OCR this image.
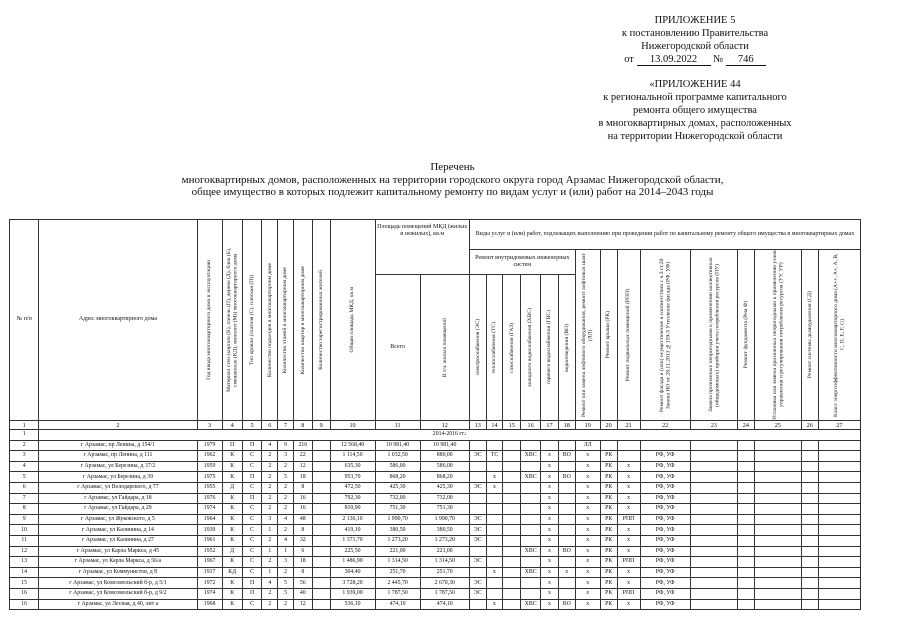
ПРИЛОЖЕНИЕ 5
к постановлению Правительства
Нижегородской области
от 13.09.2022 № 746
«ПРИЛОЖЕНИЕ 44
к региональной программе капитального
ремонта общего имущества
в многоквартирных домах, расположенных
на территории Нижегородской области
Перечень
многоквартирных домов, расположенных на территории городского округа город Арзамас Нижегородской области,
общее имущество в которых подлежит капитальному ремонту по видам услуг и (или) работ на 2014–2043 годы
№ п/п	Адрес многоквартирного дома	Год ввода многоквартирного дома в эксплуатацию	Материал стен (кирпич (К), панель (П), дерево (Д), блок (Б), смешанные (КД), монолит (М)) многоквартирного дома	Тип кровли (скатная (С), плоская (П))	Количество подъездов в многоквартирном доме	Количество этажей в многоквартирном доме	Количество квартир в многоквартирном доме	Количество зарегистрированных жителей	Общая площадь МКД, кв.м	Площадь помещений МКД (жилых и нежилых), кв.м		Виды услуг и (или) работ, подлежащих выполнению при проведении работ по капитальному ремонту общего имущества в многоквартирных домах														
												Ремонт внутридомовых инженерных систем						Ремонт или замена лифтового оборудования, ремонт лифтовых шахт (ЛЛ)	Ремонт крыши (РК)	Ремонт подвальных помещений (РПП)	Ремонт фасада и (или) осуществление в соответствии с ч.3 ст.20 Закона НО от 28.11.2013 №159-З Утепление фасада (РФ, УФ)	Замена признанных непригодными к применению коллективных (общедомовых) приборов учета потребления ресурсов (ПУ)	Ремонт фундамента (Рем Ф)	Установка или замена признанных непригодными к применению узлов управления и регулирования потребления ресурсов (УУ, УР)	Ремонт системы дымоудаления (СД)	Класс энергоэффективности многоквартирного дома (A++, A+, A, B, C, D, E, F, G)

										Всего	В т.ч. жилых помещений	электроснабжения (ЭС)	теплоснабжения (ТС)	газоснабжения (ГАЗ)	холодного водоснабжения (ХВС)	горячего водоснабжения (ГВС)	водоотведения (ВО)									

1	2	3	4	5	6	7	8	9	10	11	12	13	14	15	16	17	18	19	20	21	22	23	24	25	26	27
1	2014-2016 гг.:																									
2	г Арзамас, пр Ленина, д 154/1	1979	П	П	4	9	216		12 568,40	10 981,40	10 981,40							ЛЛ								
3	г Арзамас, пр Ленина, д 111	1962	К	С	2	3	22		1 114,50	1 032,50	880,00	ЭС	ТС		ХВС	х	ВО	х	РК		РФ, УФ					
4	г Арзамас, ул Березина, д 37/2	1959	К	С	2	2	12		635,30	586,00	586,00					х		х	РК	х	РФ, УФ					
5	г Арзамас, ул Березина, д 39	1975	К	П	2	5	18		953,70	868,20	868,20		х		ХВС	х	ВО	х	РК	х	РФ, УФ					
6	г Арзамас, ул Володарского, д 77	1955	Д	С	2	2	8		472,50	425,30	425,30	ЭС	х			х		х	РК	х	РФ, УФ					
7	г Арзамас, ул Гайдара, д 18	1976	К	П	2	2	16		792,30	732,00	732,00					х		х	РК	х	РФ, УФ					
8	г Арзамас, ул Гайдара, д 29	1974	К	С	2	2	16		810,90	751,30	751,30					х		х	РК	х	РФ, УФ					
9	г Арзамас, ул Жуковского, д 5	1964	К	С	3	4	48		2 136,10	1 990,70	1 990,70	ЭС				х		х	РК	РПП	РФ, УФ					
10	г Арзамас, ул Калинина, д 14	1939	К	С	1	2	8		419,10	380,50	380,50	ЭС				х		х	РК	х	РФ, УФ					
11	г Арзамас, ул Калинина, д 27	1961	К	С	2	4	32		1 371,70	1 273,20	1 273,20	ЭС				х		х	РК	х	РФ, УФ					
12	г Арзамас, ул Карла Маркса, д 45	1952	Д	С	1	1	6		225,50	221,00	221,00				ХВС	х	ВО	х	РК	х	РФ, УФ					
13	г Арзамас, ул Карла Маркса, д 56/а	1967	К	С	2	3	18		1 486,90	1 314,50	1 314,50	ЭС				х		х	РК	РПП	РФ, УФ					
14	г Арзамас, ул Коммунистов, д 8	1917	КД	С	1	2	8		304,40	251,70	251,70		х		ХВС	х	х	х	РК	х	РФ, УФ					
15	г Арзамас, ул Комсомольский б-р, д 5/1	1972	К	П	4	5	56		3 728,20	2 445,70	2 670,30	ЭС				х		х	РК	х	РФ, УФ					
16	г Арзамас, ул Комсомольский б-р, д 9/2	1974	К	П	2	5	40		1 939,00	1 787,50	1 787,50	ЭС				х		х	РК	РПП	РФ, УФ					
16	г Арзамас, ул Лесная, д 40, лит а	1968	К	С	2	2	12		536,10	474,10	474,10		х		ХВС	х	ВО	х	РК	х	РФ, УФ					
